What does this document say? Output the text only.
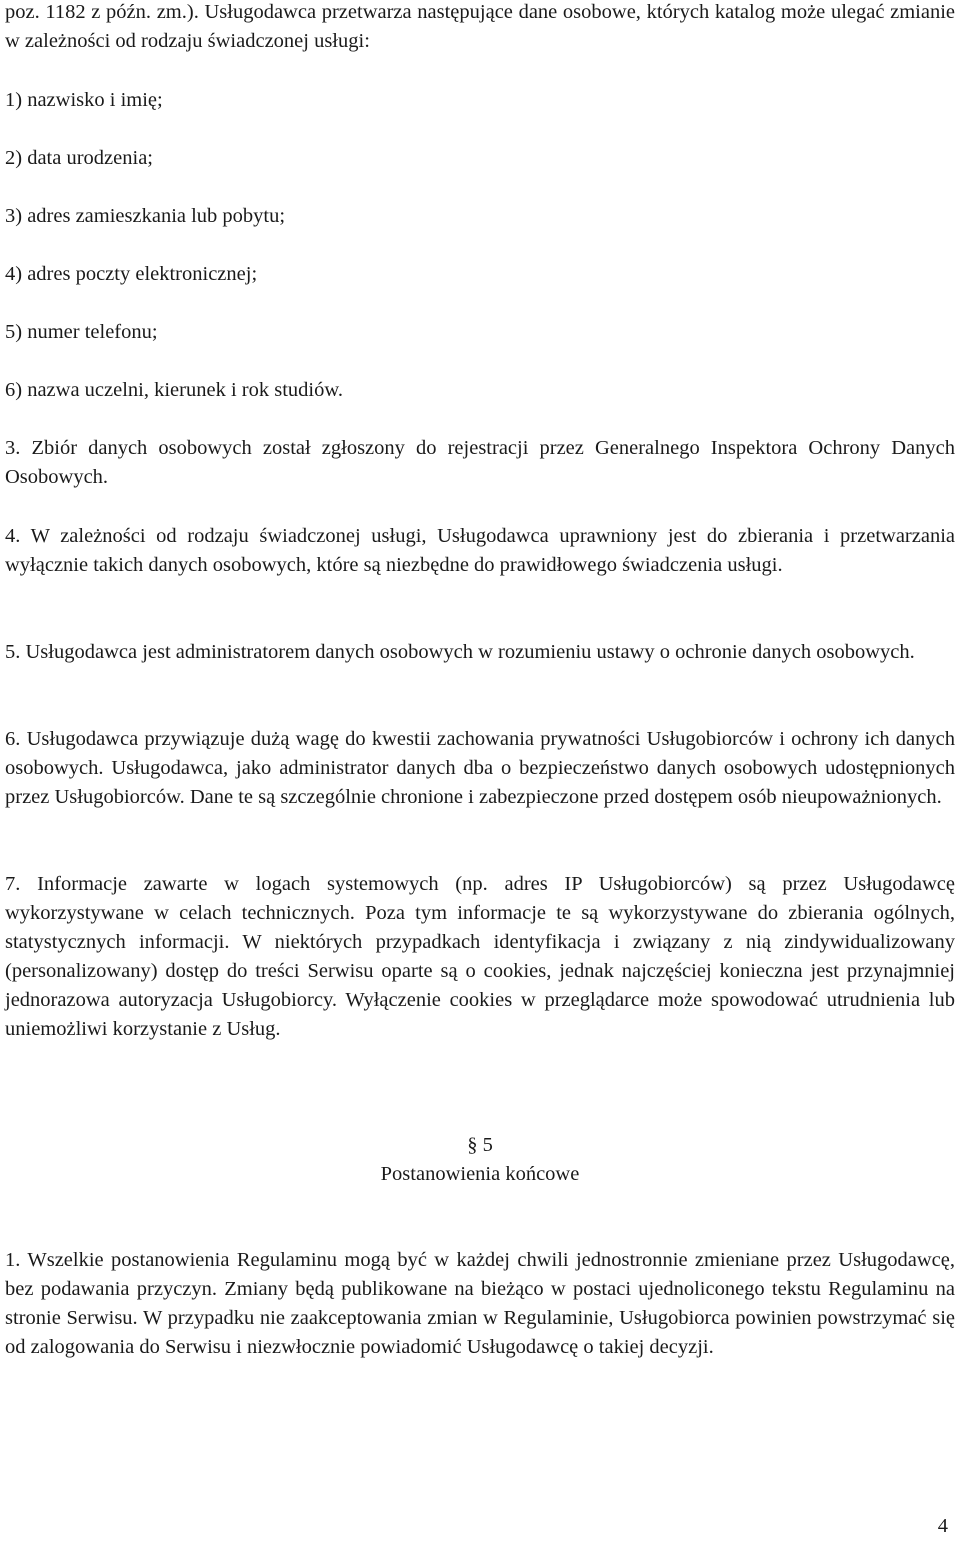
poz. 1182 z późn. zm.). Usługodawca przetwarza następujące dane osobowe, których katalog może ulegać zmianie w zależności od rodzaju świadczonej usługi:

1) nazwisko i imię;

2) data urodzenia;

3) adres zamieszkania lub pobytu;

4) adres poczty elektronicznej;

5) numer telefonu;

6) nazwa uczelni, kierunek i rok studiów.

3. Zbiór danych osobowych został zgłoszony do rejestracji przez Generalnego Inspektora Ochrony Danych Osobowych.

4. W zależności od rodzaju świadczonej usługi, Usługodawca uprawniony jest do zbierania i przetwarzania wyłącznie takich danych osobowych, które są niezbędne do prawidłowego świadczenia usługi.

5. Usługodawca jest administratorem danych osobowych w rozumieniu ustawy o ochronie danych osobowych.

6. Usługodawca przywiązuje dużą wagę do kwestii zachowania prywatności Usługobiorców i ochrony ich danych osobowych. Usługodawca, jako administrator danych dba o bezpieczeństwo danych osobowych udostępnionych przez Usługobiorców. Dane te są szczególnie chronione i zabezpieczone przed dostępem osób nieupoważnionych.

7. Informacje zawarte w logach systemowych (np. adres IP Usługobiorców) są przez Usługodawcę wykorzystywane w celach technicznych. Poza tym informacje te są wykorzystywane do zbierania ogólnych, statystycznych informacji. W niektórych przypadkach identyfikacja i związany z nią zindywidualizowany (personalizowany) dostęp do treści Serwisu oparte są o cookies, jednak najczęściej konieczna jest przynajmniej jednorazowa autoryzacja Usługobiorcy. Wyłączenie cookies w przeglądarce może spowodować utrudnienia lub uniemożliwi korzystanie z Usług.

§ 5
Postanowienia końcowe

1. Wszelkie postanowienia Regulaminu mogą być w każdej chwili jednostronnie zmieniane przez Usługodawcę, bez podawania przyczyn. Zmiany będą publikowane na bieżąco w postaci ujednoliconego tekstu Regulaminu na stronie Serwisu. W przypadku nie zaakceptowania zmian w Regulaminie, Usługobiorca powinien powstrzymać się od zalogowania do Serwisu i niezwłocznie powiadomić Usługodawcę o takiej decyzji.

4
